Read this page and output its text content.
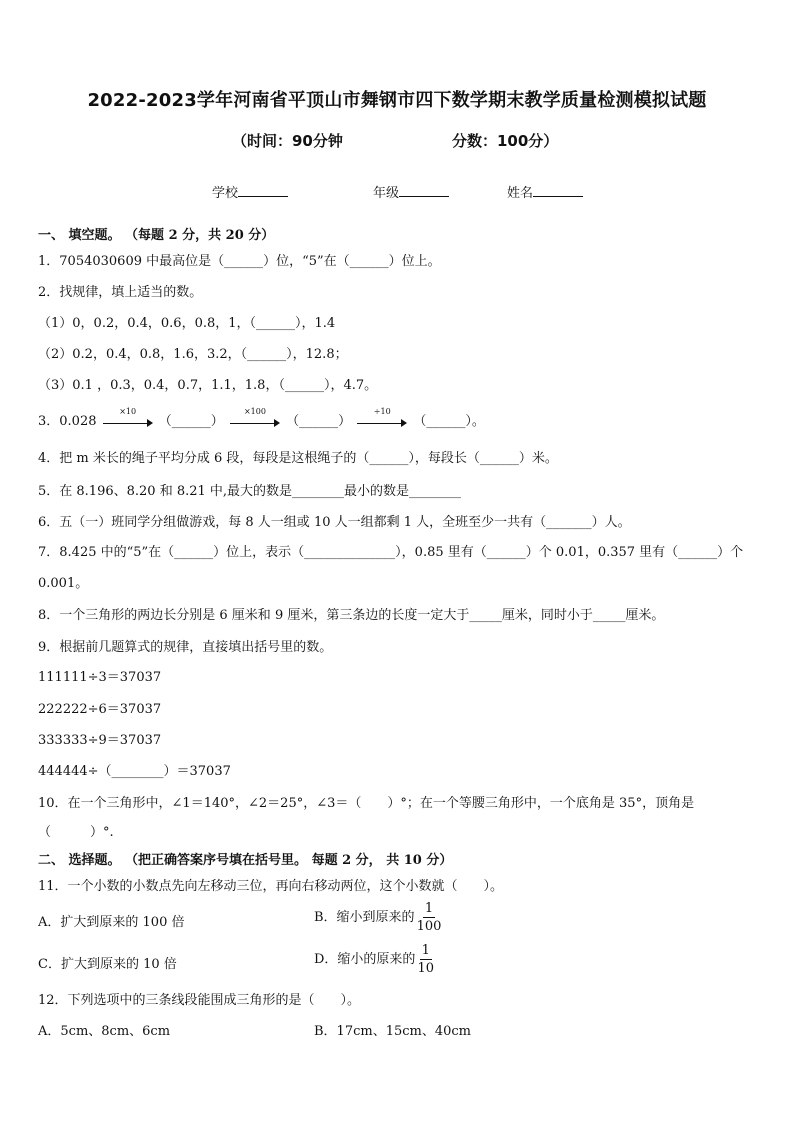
2022-2023学年河南省平顶山市舞钢市四下数学期末教学质量检测模拟试题
（时间：90分钟	分数：100分）
学校	年级	姓名
一、 填空题。 （每题 2 分，共 20 分）
1．7054030609 中最高位是（______）位，“5”在（______）位上。
2．找规律，填上适当的数。
（1）0，0.2，0.4，0.6，0.8，1，（______），1.4
（2）0.2，0.4，0.8，1.6，3.2，（______），12.8；
（3）0.1 ，0.3，0.4，0.7，1.1，1.8，（______），4.7。
3．0.028
×10
（______）
×100
（______）
÷10
（______）。
4．把 m 米长的绳子平均分成 6 段，每段是这根绳子的（______），每段长（______）米。
5．在 8.196、8.20 和 8.21 中,最大的数是________最小的数是________
6．五（一）班同学分组做游戏，每 8 人一组或 10 人一组都剩 1 人，全班至少一共有（_______）人。
7．8.425 中的“5”在（______）位上，表示（______________），0.85 里有（______）个 0.01，0.357 里有（______）个
0.001。
8．一个三角形的两边长分别是 6 厘米和 9 厘米，第三条边的长度一定大于_____厘米，同时小于_____厘米。
9．根据前几题算式的规律，直接填出括号里的数。
111111÷3＝37037
222222÷6＝37037
333333÷9＝37037
444444÷（________）＝37037
10．在一个三角形中，∠1＝140°，∠2＝25°，∠3＝（　　）°；在一个等腰三角形中，一个底角是 35°，顶角是
（　　　）°.
二、 选择题。 （把正确答案序号填在括号里。 每题 2 分， 共 10 分）
11．一个小数的小数点先向左移动三位，再向右移动两位，这个小数就（　　）。
A．扩大到原来的 100 倍	B．缩小到原来的 $\frac{1}{100}$
C．扩大到原来的 10 倍	D．缩小的原来的 $\frac{1}{10}$
12．下列选项中的三条线段能围成三角形的是（　　）。
A．5cm、8cm、6cm	B．17cm、15cm、40cm
